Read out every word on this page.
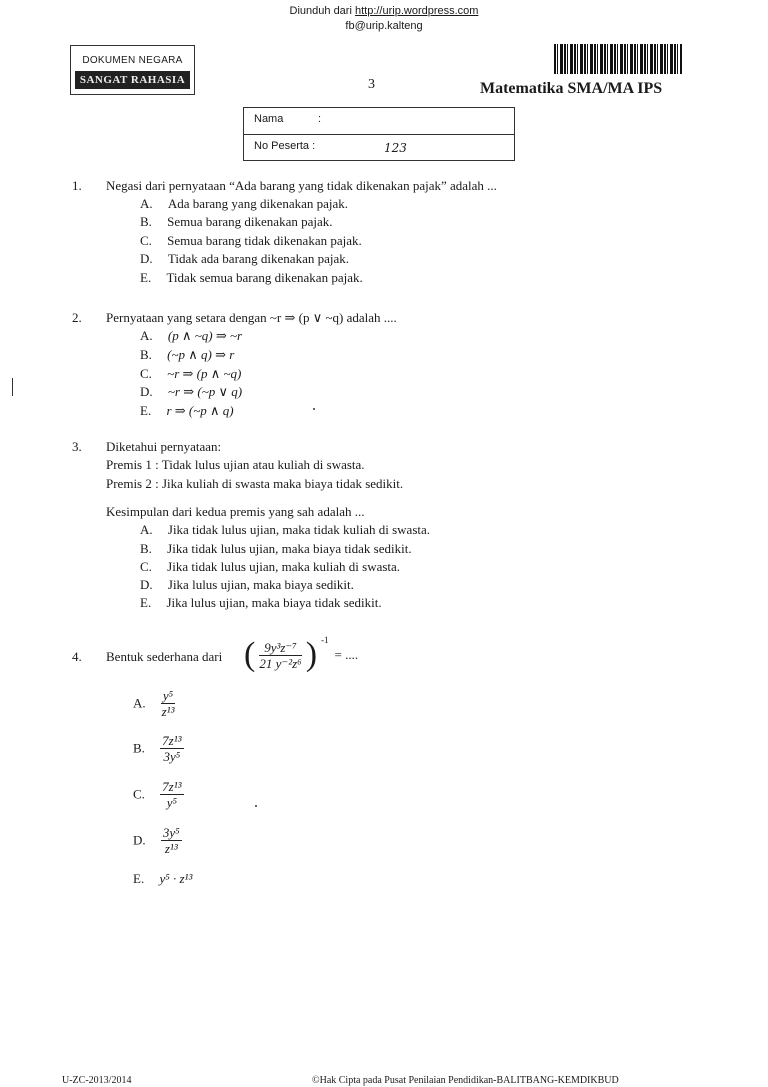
Diunduh dari http://urip.wordpress.com
fb@urip.kalteng
DOKUMEN NEGARA
SANGAT RAHASIA	3	Matematika SMA/MA IPS
Nama	:
No Peserta :	123
1. Negasi dari pernyataan “Ada barang yang tidak dikenakan pajak” adalah ...
A. Ada barang yang dikenakan pajak.
B. Semua barang dikenakan pajak.
C. Semua barang tidak dikenakan pajak.
D. Tidak ada barang dikenakan pajak.
E. Tidak semua barang dikenakan pajak.
2. Pernyataan yang setara dengan ~r ⇒ (p ∨ ~q) adalah ....
A. (p ∧ ~q) ⇒ ~r
B. (~p ∧ q) ⇒ r
C. ~r ⇒ (p ∧ ~q)
D. ~r ⇒ (~p ∨ q)
E. r ⇒ (~p ∧ q)
3. Diketahui pernyataan:
Premis 1 : Tidak lulus ujian atau kuliah di swasta.
Premis 2 : Jika kuliah di swasta maka biaya tidak sedikit.
Kesimpulan dari kedua premis yang sah adalah ...
A. Jika tidak lulus ujian, maka tidak kuliah di swasta.
B. Jika tidak lulus ujian, maka biaya tidak sedikit.
C. Jika tidak lulus ujian, maka kuliah di swasta.
D. Jika lulus ujian, maka biaya sedikit.
E. Jika lulus ujian, maka biaya tidak sedikit.
4. Bentuk sederhana dari ( $\frac{\text{9y³z⁻⁷}}{\text{21 y⁻²z⁶}}$ ) $^{-1}$ = ....
A. $\frac{\text{y⁵}}{\text{z¹³}}$
B. $\frac{\text{7z¹³}}{\text{3y⁵}}$
C. $\frac{\text{7z¹³}}{\text{y⁵}}$
D. $\frac{\text{3y⁵}}{\text{z¹³}}$
E. y⁵ · z¹³
U-ZC-2013/2014	©Hak Cipta pada Pusat Penilaian Pendidikan-BALITBANG-KEMDIKBUD
